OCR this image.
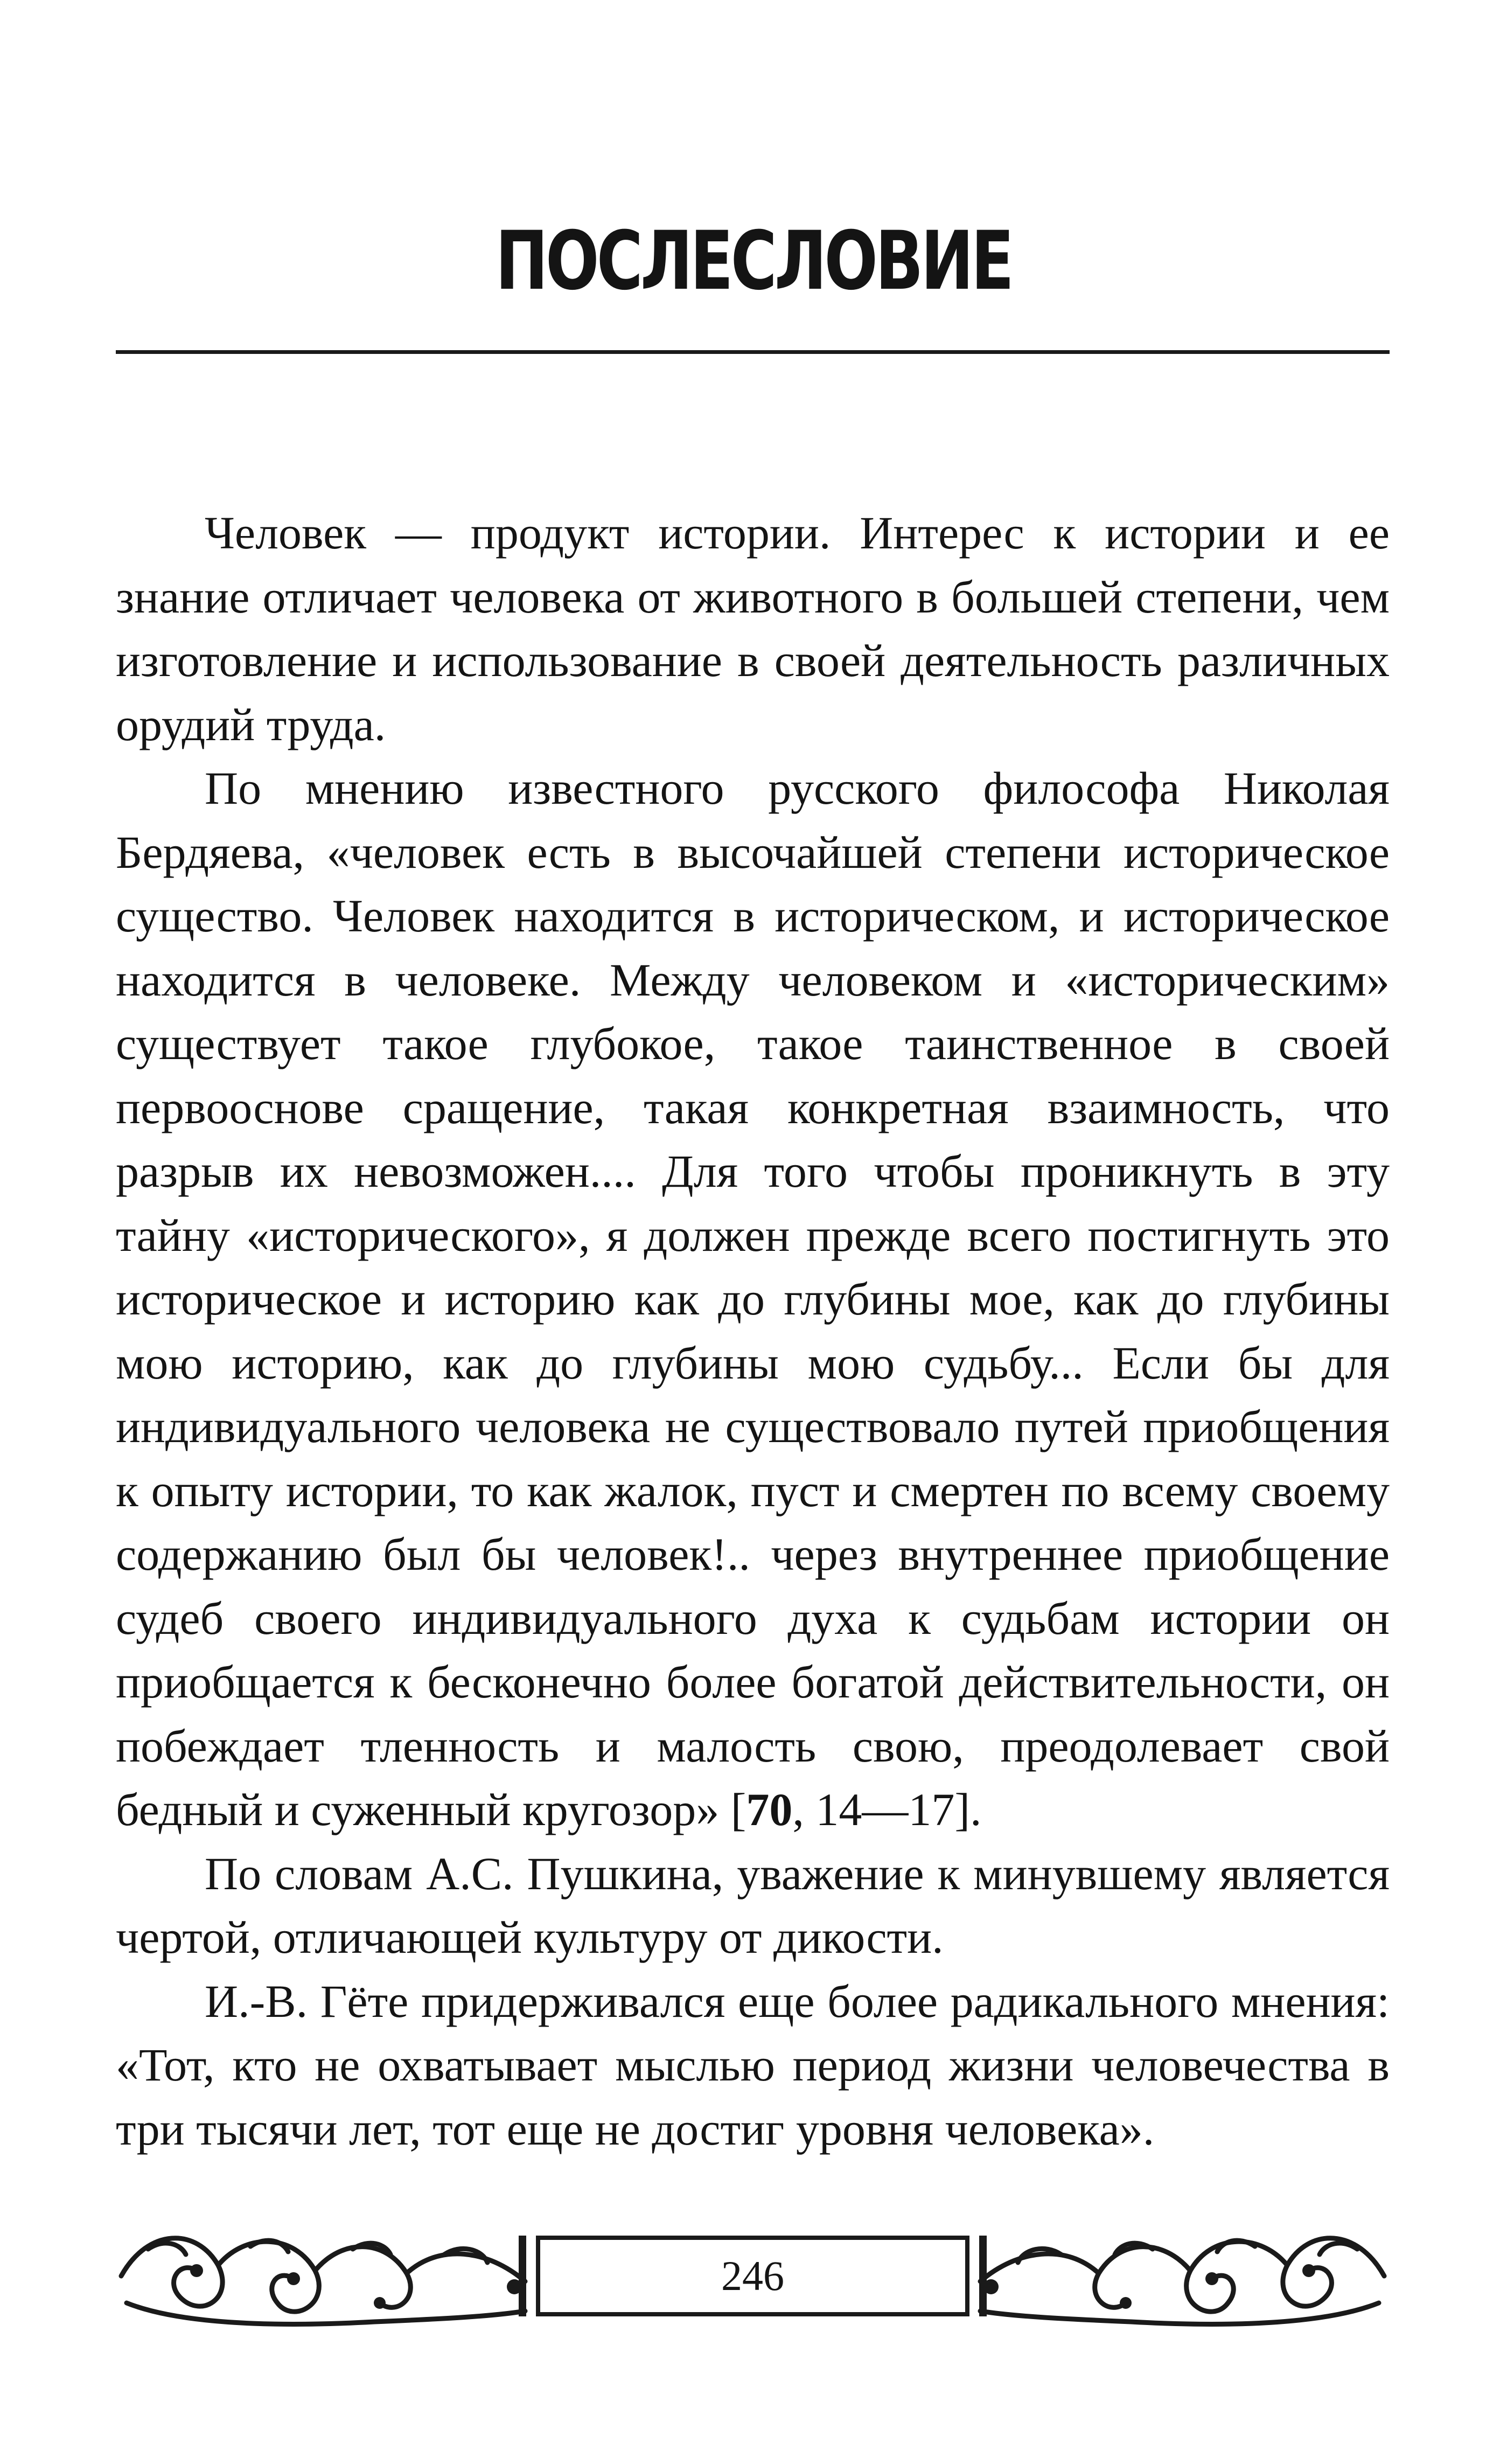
ПОСЛЕСЛОВИЕ

Человек — продукт истории. Интерес к истории и ее знание отличает человека от животного в большей степени, чем изготовление и использование в своей деятельность различных орудий труда.

По мнению известного русского философа Николая Бердяева, «человек есть в высочайшей степени историческое существо. Человек находится в историческом, и историческое находится в человеке. Между человеком и «историческим» существует такое глубокое, такое таинственное в своей первооснове сращение, такая конкретная взаимность, что разрыв их невозможен.... Для того чтобы проникнуть в эту тайну «исторического», я должен прежде всего постигнуть это историческое и историю как до глубины мое, как до глубины мою историю, как до глубины мою судьбу... Если бы для индивидуального человека не существовало путей приобщения к опыту истории, то как жалок, пуст и смертен по всему своему содержанию был бы человек!.. через внутреннее приобщение судеб своего индивидуального духа к судьбам истории он приобщается к бесконечно более богатой действительности, он побеждает тленность и малость свою, преодолевает свой бедный и суженный кругозор» [70, 14—17].

По словам А.С. Пушкина, уважение к минувшему является чертой, отличающей культуру от дикости.

И.-В. Гёте придерживался еще более радикального мнения: «Тот, кто не охватывает мыслью период жизни человечества в три тысячи лет, тот еще не достиг уровня человека».

246
